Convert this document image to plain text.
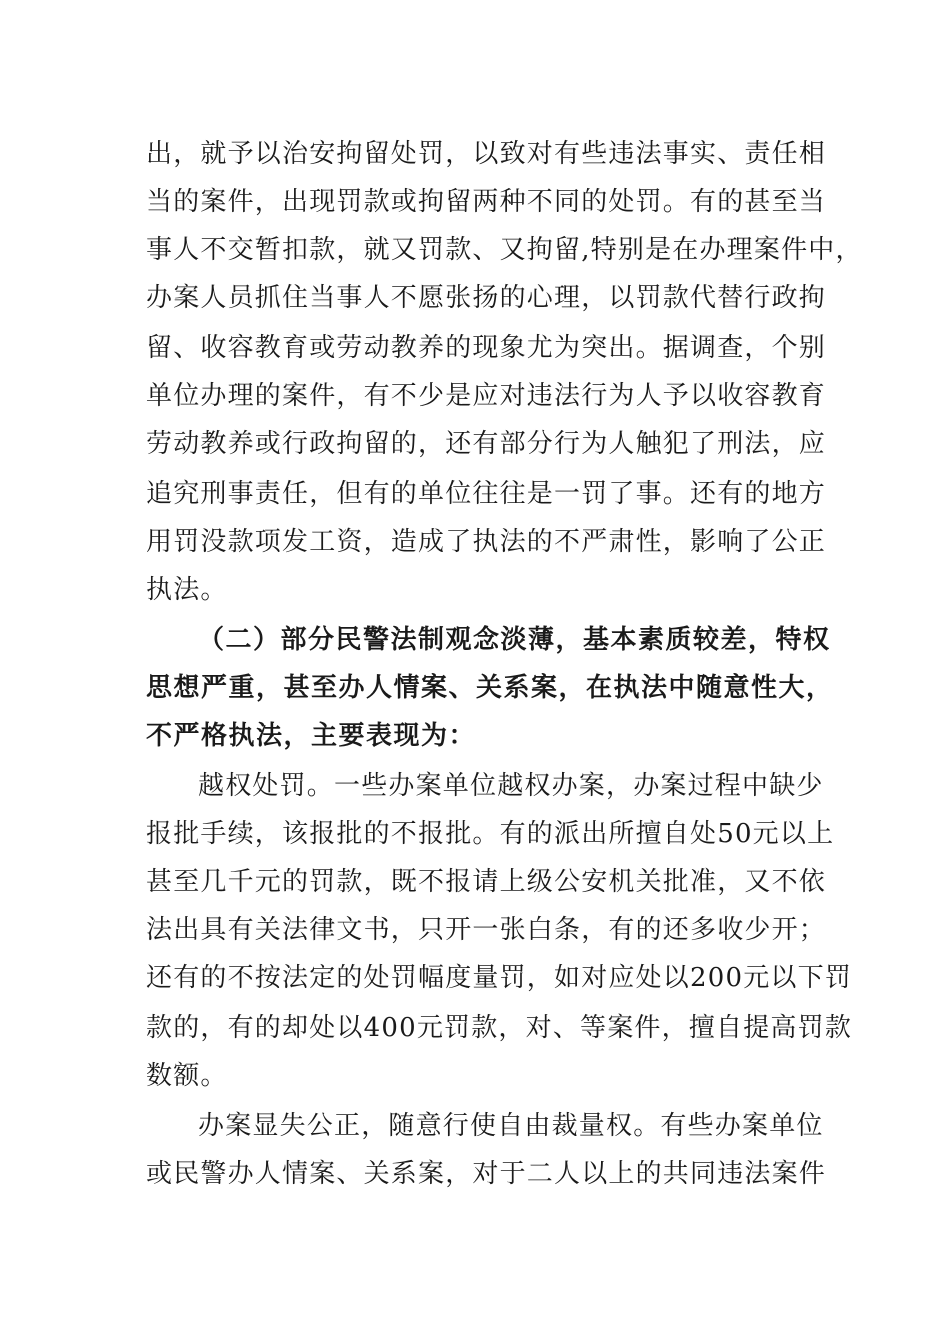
出，就予以治安拘留处罚，以致对有些违法事实、责任相
当的案件，出现罚款或拘留两种不同的处罚。有的甚至当
事人不交暂扣款，就又罚款、又拘留,特别是在办理案件中，
办案人员抓住当事人不愿张扬的心理，以罚款代替行政拘
留、收容教育或劳动教养的现象尤为突出。据调查，个别
单位办理的案件，有不少是应对违法行为人予以收容教育
劳动教养或行政拘留的，还有部分行为人触犯了刑法，应
追究刑事责任，但有的单位往往是一罚了事。还有的地方
用罚没款项发工资，造成了执法的不严肃性，影响了公正
执法。
（二）部分民警法制观念淡薄，基本素质较差，特权
思想严重，甚至办人情案、关系案，在执法中随意性大，
不严格执法，主要表现为：
越权处罚。一些办案单位越权办案，办案过程中缺少
报批手续，该报批的不报批。有的派出所擅自处50元以上
甚至几千元的罚款，既不报请上级公安机关批准，又不依
法出具有关法律文书，只开一张白条，有的还多收少开；
还有的不按法定的处罚幅度量罚，如对应处以200元以下罚
款的，有的却处以400元罚款，对、等案件，擅自提高罚款
数额。
办案显失公正，随意行使自由裁量权。有些办案单位
或民警办人情案、关系案，对于二人以上的共同违法案件
